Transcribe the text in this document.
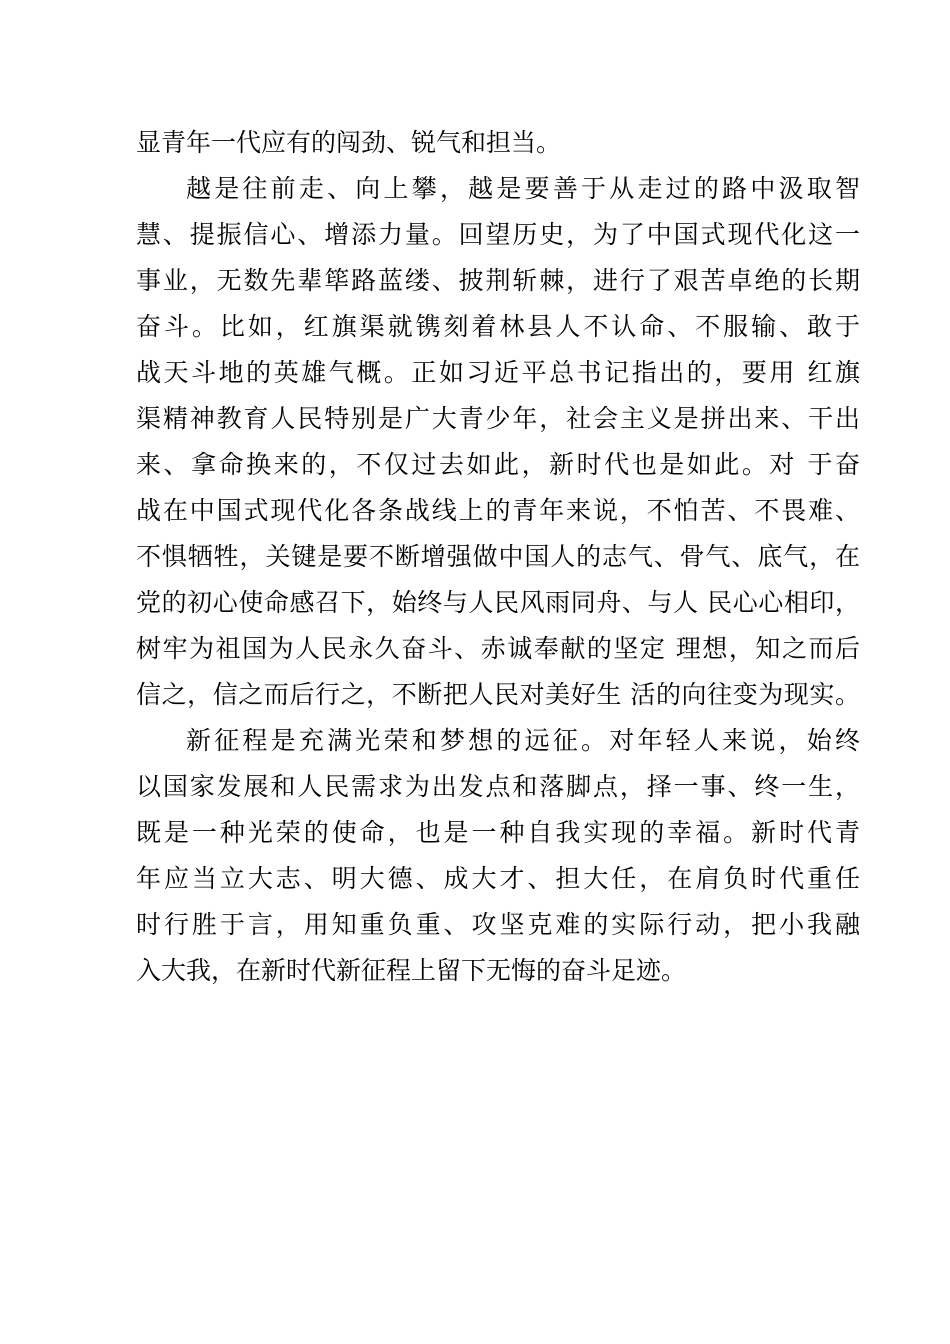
显青年一代应有的闯劲、锐气和担当。
越是往前走、向上攀，越是要善于从走过的路中汲取智
慧、提振信心、增添力量。回望历史，为了中国式现代化这一
事业，无数先辈筚路蓝缕、披荆斩棘，进行了艰苦卓绝的长期
奋斗。比如，红旗渠就镌刻着林县人不认命、不服输、敢于
战天斗地的英雄气概。正如习近平总书记指出的，要用 红旗
渠精神教育人民特别是广大青少年，社会主义是拼出来、干出
来、拿命换来的，不仅过去如此，新时代也是如此。对 于奋
战在中国式现代化各条战线上的青年来说，不怕苦、不畏难、
不惧牺牲，关键是要不断增强做中国人的志气、骨气、底气，在
党的初心使命感召下，始终与人民风雨同舟、与人 民心心相印，
树牢为祖国为人民永久奋斗、赤诚奉献的坚定 理想，知之而后
信之，信之而后行之，不断把人民对美好生 活的向往变为现实。
新征程是充满光荣和梦想的远征。对年轻人来说，始终
以国家发展和人民需求为出发点和落脚点，择一事、终一生，
既是一种光荣的使命，也是一种自我实现的幸福。新时代青
年应当立大志、明大德、成大才、担大任，在肩负时代重任
时行胜于言，用知重负重、攻坚克难的实际行动，把小我融
入大我，在新时代新征程上留下无悔的奋斗足迹。
